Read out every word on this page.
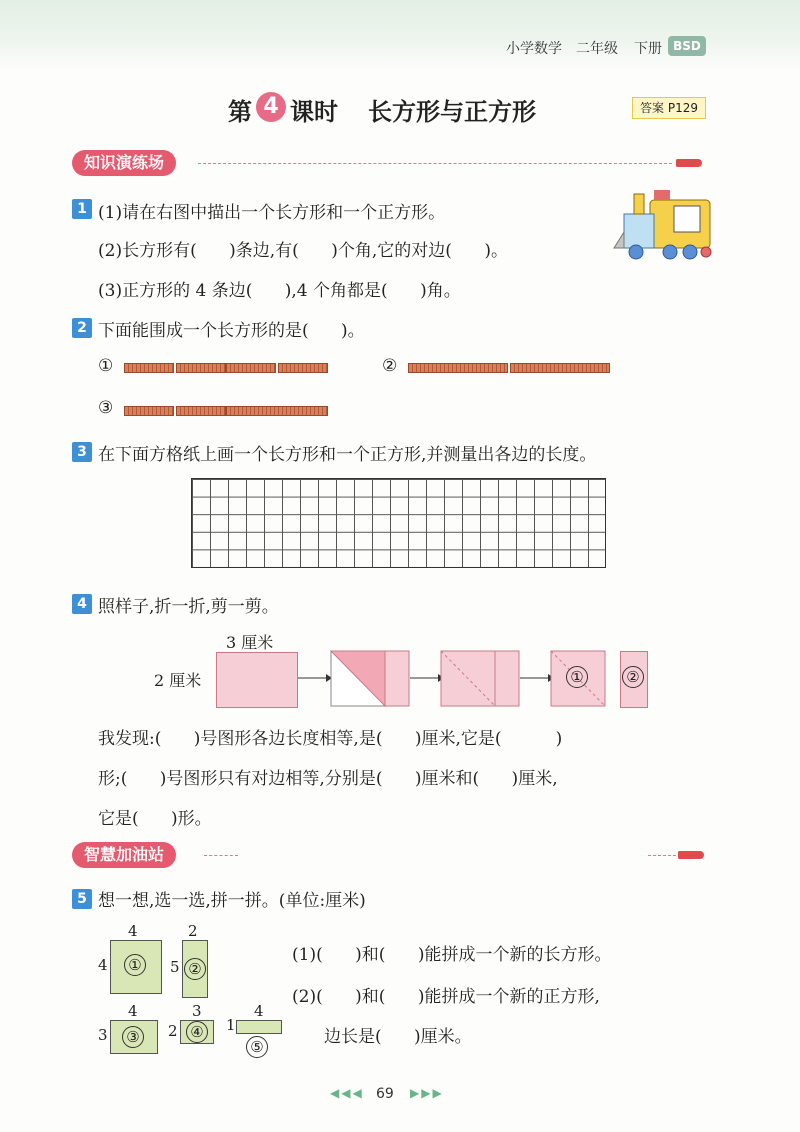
小学数学 二年级 下册 BSD
第 4 课时 长方形与正方形	答案 P129
知识演练场
1 (1)请在右图中描出一个长方形和一个正方形。
(2)长方形有(      )条边,有(      )个角,它的对边(      )。
(3)正方形的 4 条边(      ),4 个角都是(      )角。
2 下面能围成一个长方形的是(      )。
①	②
③
3 在下面方格纸上画一个长方形和一个正方形,并测量出各边的长度。
4 照样子,折一折,剪一剪。
3 厘米
2 厘米	①	②
我发现:(      )号图形各边长度相等,是(      )厘米,它是(          )
形;(      )号图形只有对边相等,分别是(      )厘米和(      )厘米,
它是(      )形。
智慧加油站
5 想一想,选一选,拼一拼。(单位:厘米)
4
4 ①
2
5 ②
4
3 ③
3
2 ④
4
1
⑤
(1)(      )和(      )能拼成一个新的长方形。
(2)(      )和(      )能拼成一个新的正方形,
边长是(      )厘米。
◀◀◀ 69 ▶▶▶
